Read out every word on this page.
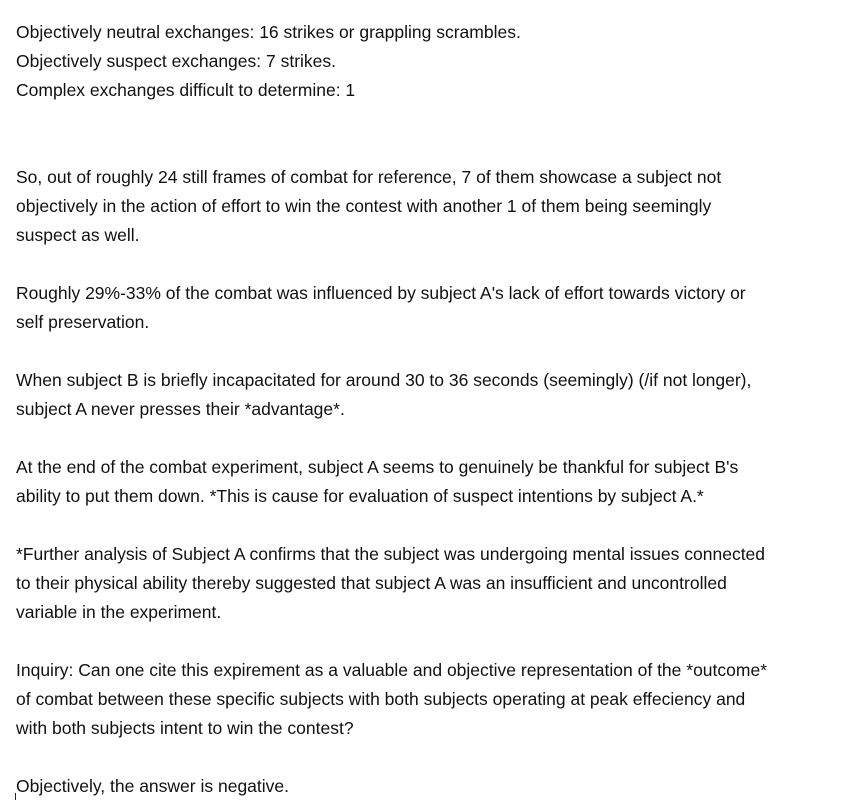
Objectively neutral exchanges: 16 strikes or grappling scrambles.

Objectively suspect exchanges: 7 strikes.

Complex exchanges difficult to determine: 1

So, out of roughly 24 still frames of combat for reference, 7 of them showcase a subject not

objectively in the action of effort to win the contest with another 1 of them being seemingly

suspect as well.

Roughly 29%-33% of the combat was influenced by subject A's lack of effort towards victory or

self preservation.

When subject B is briefly incapacitated for around 30 to 36 seconds (seemingly) (/if not longer),

subject A never presses their *advantage*.

At the end of the combat experiment, subject A seems to genuinely be thankful for subject B's

ability to put them down. *This is cause for evaluation of suspect intentions by subject A.*

*Further analysis of Subject A confirms that the subject was undergoing mental issues connected

to their physical ability thereby suggested that subject A was an insufficient and uncontrolled

variable in the experiment.

Inquiry: Can one cite this expirement as a valuable and objective representation of the *outcome*

of combat between these specific subjects with both subjects operating at peak effeciency and

with both subjects intent to win the contest?

Objectively, the answer is negative.
